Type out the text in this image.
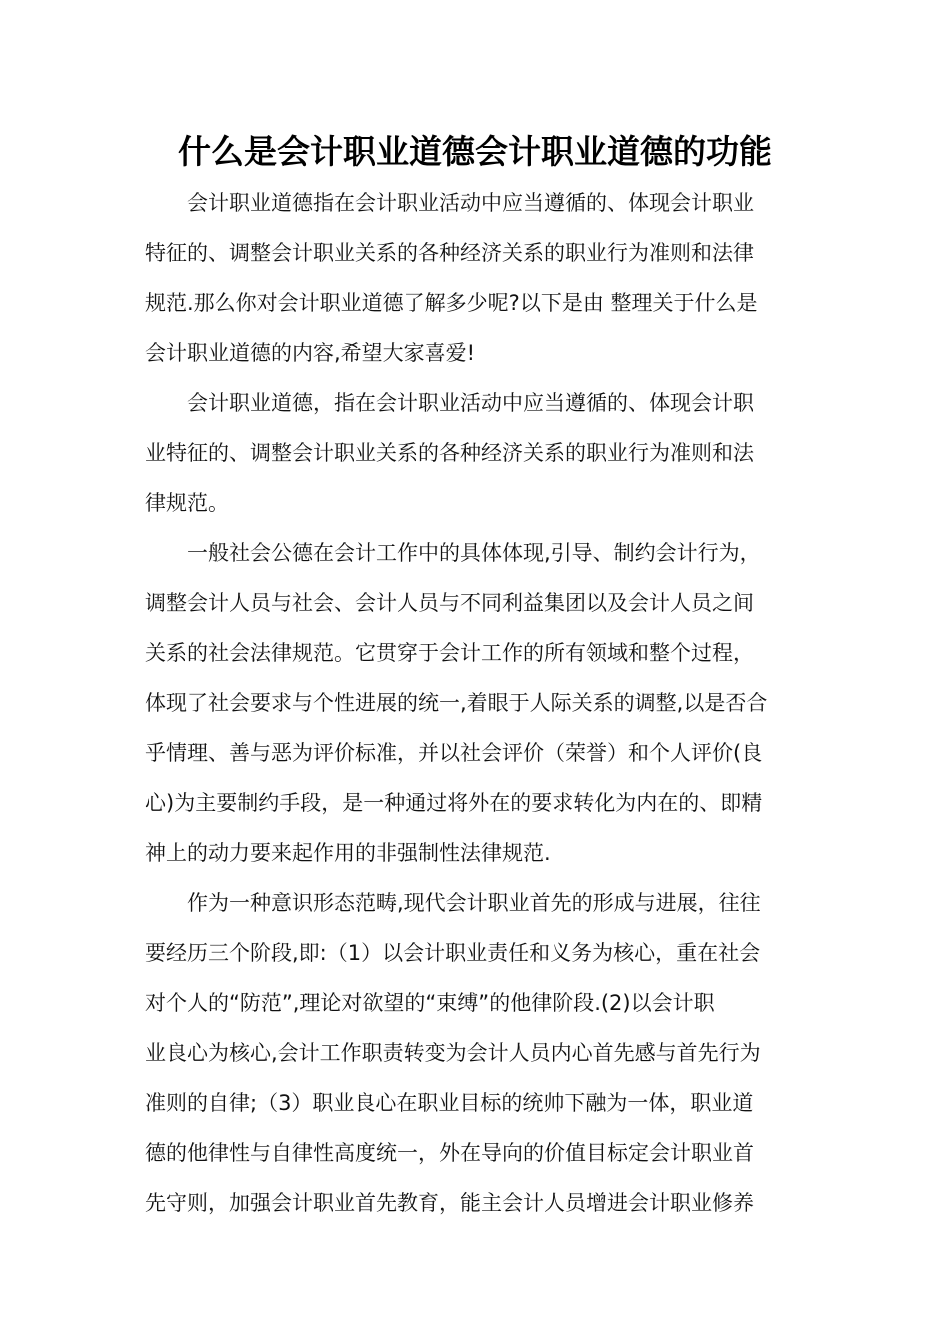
什么是会计职业道德会计职业道德的功能

会计职业道德指在会计职业活动中应当遵循的、体现会计职业
特征的、调整会计职业关系的各种经济关系的职业行为准则和法律
规范.那么你对会计职业道德了解多少呢?以下是由 整理关于什么是
会计职业道德的内容,希望大家喜爱!

会计职业道德，指在会计职业活动中应当遵循的、体现会计职
业特征的、调整会计职业关系的各种经济关系的职业行为准则和法
律规范。

一般社会公德在会计工作中的具体体现,引导、制约会计行为，
调整会计人员与社会、会计人员与不同利益集团以及会计人员之间
关系的社会法律规范。它贯穿于会计工作的所有领域和整个过程，
体现了社会要求与个性进展的统一,着眼于人际关系的调整,以是否合
乎情理、善与恶为评价标准，并以社会评价（荣誉）和个人评价(良
心)为主要制约手段，是一种通过将外在的要求转化为内在的、即精
神上的动力要来起作用的非强制性法律规范.

作为一种意识形态范畴,现代会计职业首先的形成与进展，往往
要经历三个阶段,即:（1）以会计职业责任和义务为核心，重在社会
对个人的“防范”,理论对欲望的“束缚”的他律阶段.(2)以会计职
业良心为核心,会计工作职责转变为会计人员内心首先感与首先行为
准则的自律;（3）职业良心在职业目标的统帅下融为一体，职业道
德的他律性与自律性高度统一，外在导向的价值目标定会计职业首
先守则，加强会计职业首先教育，能主会计人员增进会计职业修养
